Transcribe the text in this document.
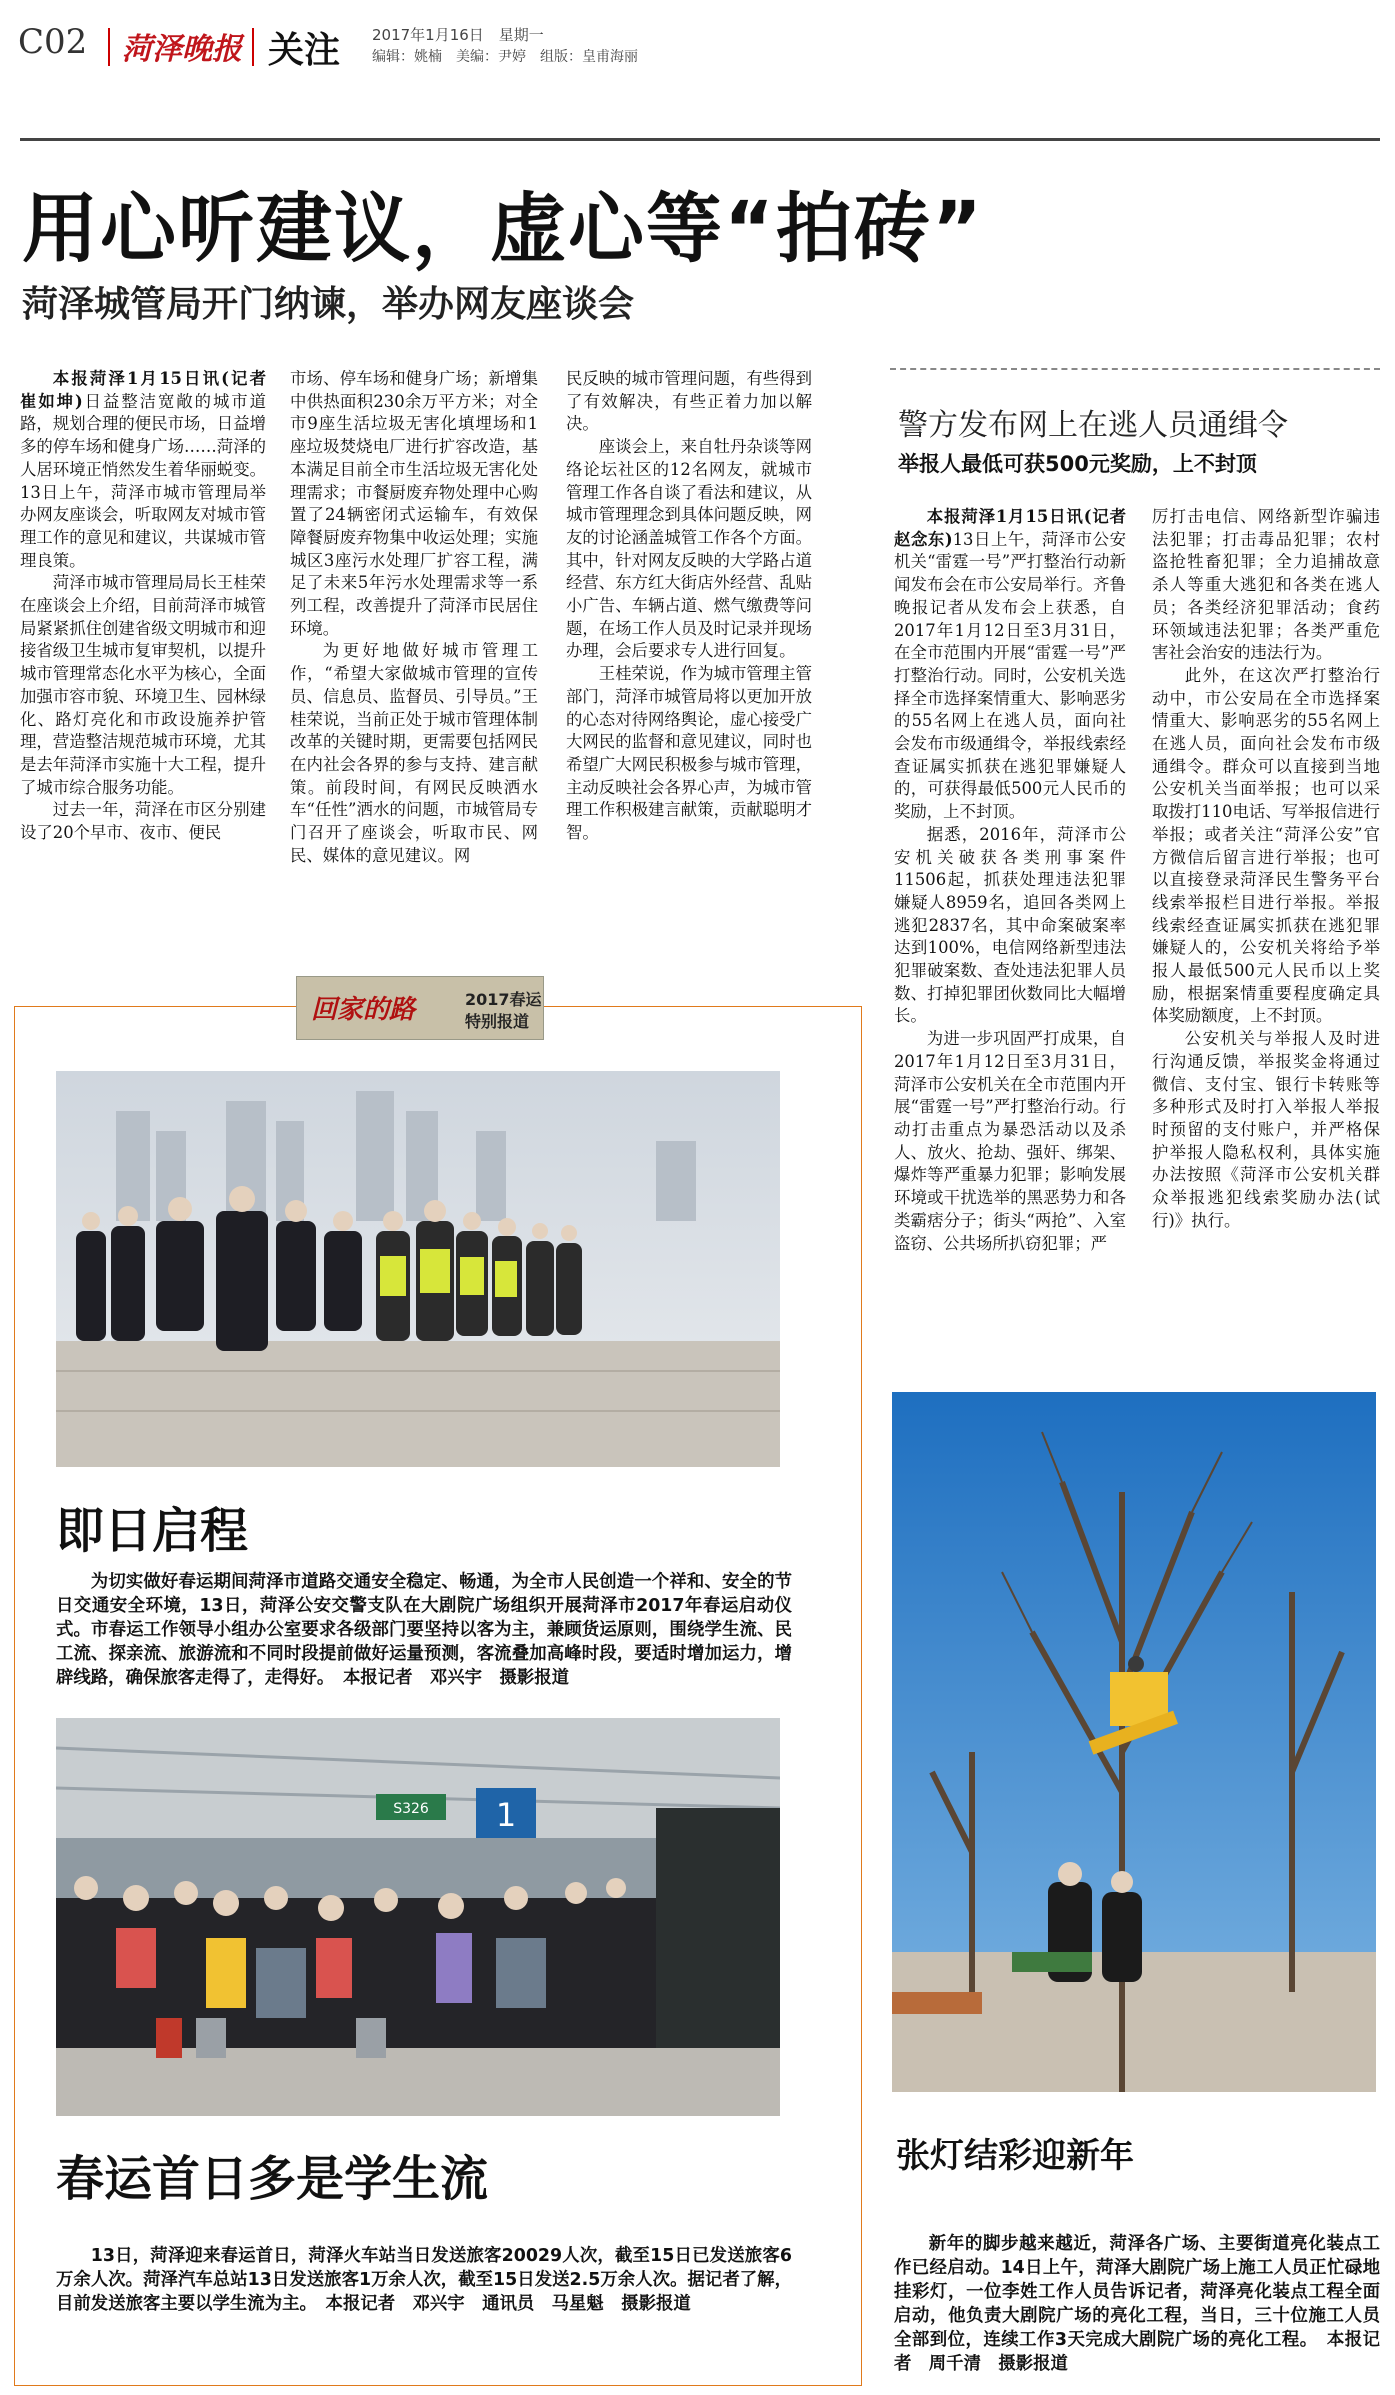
C02 菏泽晚报 关注 2017年1月16日　星期一
编辑：姚楠　美编：尹婷　组版：皇甫海丽
用心听建议，虚心等“拍砖”
菏泽城管局开门纳谏，举办网友座谈会

本报菏泽1月15日讯(记者　崔如坤)日益整洁宽敞的城市道路，规划合理的便民市场，日益增多的停车场和健身广场……菏泽的人居环境正悄然发生着华丽蜕变。13日上午，菏泽市城市管理局举办网友座谈会，听取网友对城市管理工作的意见和建议，共谋城市管理良策。

菏泽市城市管理局局长王桂荣在座谈会上介绍，目前菏泽市城管局紧紧抓住创建省级文明城市和迎接省级卫生城市复审契机，以提升城市管理常态化水平为核心，全面加强市容市貌、环境卫生、园林绿化、路灯亮化和市政设施养护管理，营造整洁规范城市环境，尤其是去年菏泽市实施十大工程，提升了城市综合服务功能。

过去一年，菏泽在市区分别建设了20个早市、夜市、便民

市场、停车场和健身广场；新增集中供热面积230余万平方米；对全市9座生活垃圾无害化填埋场和1座垃圾焚烧电厂进行扩容改造，基本满足目前全市生活垃圾无害化处理需求；市餐厨废弃物处理中心购置了24辆密闭式运输车，有效保障餐厨废弃物集中收运处理；实施城区3座污水处理厂扩容工程，满足了未来5年污水处理需求等一系列工程，改善提升了菏泽市民居住环境。

为更好地做好城市管理工作，“希望大家做城市管理的宣传员、信息员、监督员、引导员。”王桂荣说，当前正处于城市管理体制改革的关键时期，更需要包括网民在内社会各界的参与支持、建言献策。前段时间，有网民反映洒水车“任性”洒水的问题，市城管局专门召开了座谈会，听取市民、网民、媒体的意见建议。网

民反映的城市管理问题，有些得到了有效解决，有些正着力加以解决。

座谈会上，来自牡丹杂谈等网络论坛社区的12名网友，就城市管理工作各自谈了看法和建议，从城市管理理念到具体问题反映，网友的讨论涵盖城管工作各个方面。其中，针对网友反映的大学路占道经营、东方红大街店外经营、乱贴小广告、车辆占道、燃气缴费等问题，在场工作人员及时记录并现场办理，会后要求专人进行回复。

王桂荣说，作为城市管理主管部门，菏泽市城管局将以更加开放的心态对待网络舆论，虚心接受广大网民的监督和意见建议，同时也希望广大网民积极参与城市管理，主动反映社会各界心声，为城市管理工作积极建言献策，贡献聪明才智。

警方发布网上在逃人员通缉令
举报人最低可获500元奖励，上不封顶

本报菏泽1月15日讯(记者　赵念东)13日上午，菏泽市公安机关“雷霆一号”严打整治行动新闻发布会在市公安局举行。齐鲁晚报记者从发布会上获悉，自2017年1月12日至3月31日，在全市范围内开展“雷霆一号”严打整治行动。同时，公安机关选择全市选择案情重大、影响恶劣的55名网上在逃人员，面向社会发布市级通缉令，举报线索经查证属实抓获在逃犯罪嫌疑人的，可获得最低500元人民币的奖励，上不封顶。

据悉，2016年，菏泽市公安机关破获各类刑事案件11506起，抓获处理违法犯罪嫌疑人8959名，追回各类网上逃犯2837名，其中命案破案率达到100%，电信网络新型违法犯罪破案数、查处违法犯罪人员数、打掉犯罪团伙数同比大幅增长。

为进一步巩固严打成果，自2017年1月12日至3月31日，菏泽市公安机关在全市范围内开展“雷霆一号”严打整治行动。行动打击重点为暴恐活动以及杀人、放火、抢劫、强奸、绑架、爆炸等严重暴力犯罪；影响发展环境或干扰选举的黑恶势力和各类霸痞分子；街头“两抢”、入室盗窃、公共场所扒窃犯罪；严

厉打击电信、网络新型诈骗违法犯罪；打击毒品犯罪；农村盗抢牲畜犯罪；全力追捕故意杀人等重大逃犯和各类在逃人员；各类经济犯罪活动；食药环领域违法犯罪；各类严重危害社会治安的违法行为。

此外，在这次严打整治行动中，市公安局在全市选择案情重大、影响恶劣的55名网上在逃人员，面向社会发布市级通缉令。群众可以直接到当地公安机关当面举报；也可以采取拨打110电话、写举报信进行举报；或者关注“菏泽公安”官方微信后留言进行举报；也可以直接登录菏泽民生警务平台线索举报栏目进行举报。举报线索经查证属实抓获在逃犯罪嫌疑人的，公安机关将给予举报人最低500元人民币以上奖励，根据案情重要程度确定具体奖励额度，上不封顶。

公安机关与举报人及时进行沟通反馈，举报奖金将通过微信、支付宝、银行卡转账等多种形式及时打入举报人举报时预留的支付账户，并严格保护举报人隐私权利，具体实施办法按照《菏泽市公安机关群众举报逃犯线索奖励办法(试行)》执行。

回家的路	2017春运
特别报道
即日启程

为切实做好春运期间菏泽市道路交通安全稳定、畅通，为全市人民创造一个祥和、安全的节日交通安全环境，13日，菏泽公安交警支队在大剧院广场组织开展菏泽市2017年春运启动仪式。市春运工作领导小组办公室要求各级部门要坚持以客为主，兼顾货运原则，围绕学生流、民工流、探亲流、旅游流和不同时段提前做好运量预测，客流叠加高峰时段，要适时增加运力，增辟线路，确保旅客走得了，走得好。　本报记者　邓兴宇　摄影报道

1
S326
春运首日多是学生流

13日，菏泽迎来春运首日，菏泽火车站当日发送旅客20029人次，截至15日已发送旅客6万余人次。菏泽汽车总站13日发送旅客1万余人次，截至15日发送2.5万余人次。据记者了解，目前发送旅客主要以学生流为主。　本报记者　邓兴宇　通讯员　马星魁　摄影报道

张灯结彩迎新年

新年的脚步越来越近，菏泽各广场、主要街道亮化装点工作已经启动。14日上午，菏泽大剧院广场上施工人员正忙碌地挂彩灯，一位李姓工作人员告诉记者，菏泽亮化装点工程全面启动，他负责大剧院广场的亮化工程，当日，三十位施工人员全部到位，连续工作3天完成大剧院广场的亮化工程。　本报记者　周千清　摄影报道
